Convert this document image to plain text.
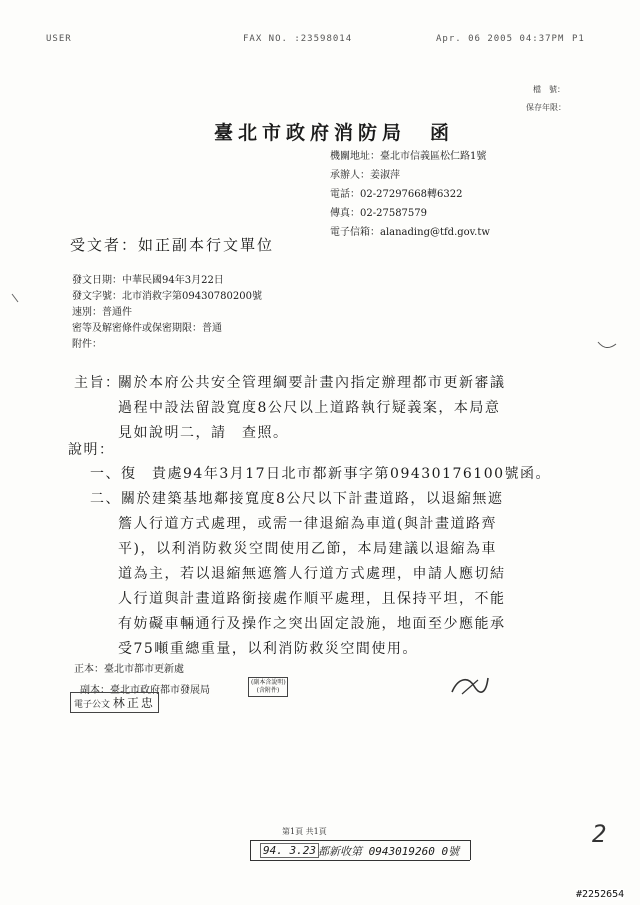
USER	FAX NO. :23598014	Apr. 06 2005 04:37PM P1
檔　號：
保存年限：
臺北市政府消防局　函
機關地址：臺北市信義區松仁路1號
承辦人：姜淑萍
電話：02-27297668轉6322
傳真：02-27587579
電子信箱：alanading@tfd.gov.tw
受文者：如正副本行文單位
發文日期：中華民國94年3月22日
發文字號：北市消救字第09430780200號
速別：普通件
密等及解密條件或保密期限：普通
附件：
主旨：
關於本府公共安全管理綱要計畫內指定辦理都市更新審議
過程中設法留設寬度8公尺以上道路執行疑義案，本局意
見如說明二，請　查照。
說明：
一、復　貴處94年3月17日北市都新事字第09430176100號函。
二、關於建築基地鄰接寬度8公尺以下計畫道路，以退縮無遮
簷人行道方式處理，或需一律退縮為車道(與計畫道路齊
平)，以利消防救災空間使用乙節，本局建議以退縮為車
道為主，若以退縮無遮簷人行道方式處理，申請人應切結
人行道與計畫道路銜接處作順平處理，且保持平坦，不能
有妨礙車輛通行及操作之突出固定設施，地面至少應能承
受75噸重總重量，以利消防救災空間使用。
正本：臺北市都市更新處
副本：臺北市政府都市發展局
(副本含說明)
(含附件)
電子公文 林正忠
第1頁 共1頁
94. 3.23 都新收第 0943019260 0號
2
#2252654
